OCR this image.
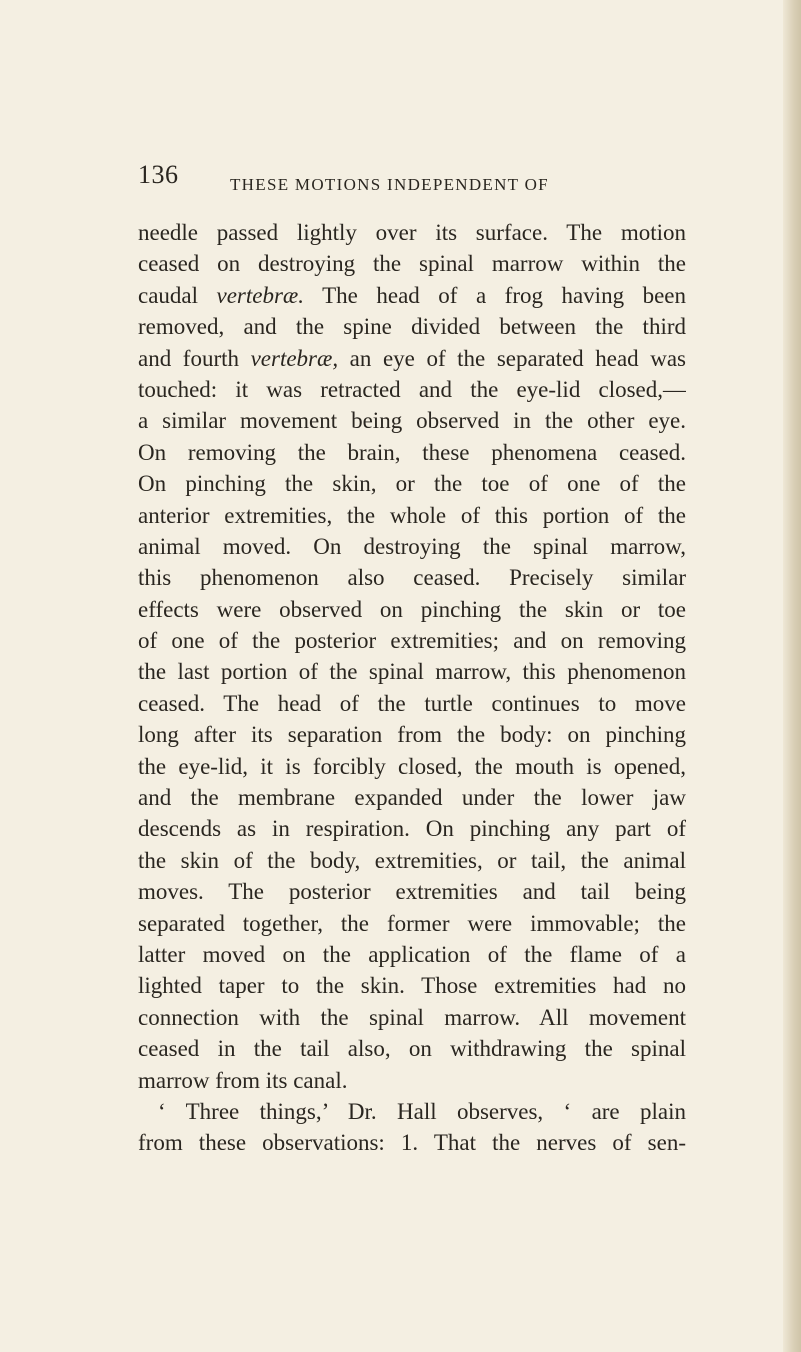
136	THESE MOTIONS INDEPENDENT OF
needle passed lightly over its surface. The motion
ceased on destroying the spinal marrow within the
caudal vertebræ. The head of a frog having been
removed, and the spine divided between the third
and fourth vertebræ, an eye of the separated head was
touched: it was retracted and the eye-lid closed,—
a similar movement being observed in the other eye.
On removing the brain, these phenomena ceased.
On pinching the skin, or the toe of one of the
anterior extremities, the whole of this portion of the
animal moved. On destroying the spinal marrow,
this phenomenon also ceased. Precisely similar
effects were observed on pinching the skin or toe
of one of the posterior extremities; and on removing
the last portion of the spinal marrow, this phenomenon
ceased. The head of the turtle continues to move
long after its separation from the body: on pinching
the eye-lid, it is forcibly closed, the mouth is opened,
and the membrane expanded under the lower jaw
descends as in respiration. On pinching any part of
the skin of the body, extremities, or tail, the animal
moves. The posterior extremities and tail being
separated together, the former were immovable; the
latter moved on the application of the flame of a
lighted taper to the skin. Those extremities had no
connection with the spinal marrow. All movement
ceased in the tail also, on withdrawing the spinal
marrow from its canal.
‘ Three things,’ Dr. Hall observes, ‘ are plain
from these observations: 1. That the nerves of sen-
